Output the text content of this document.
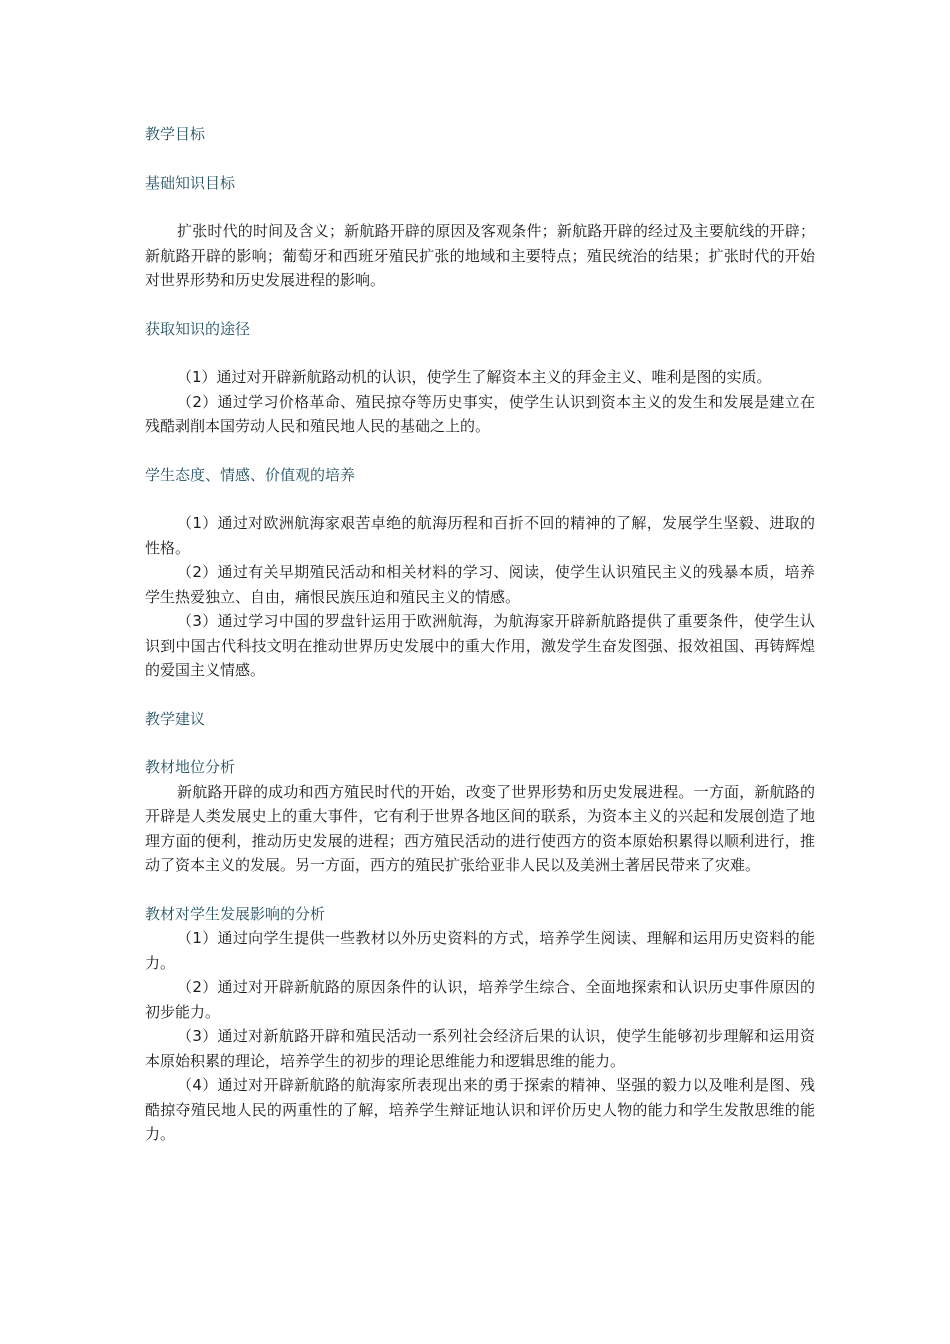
教学目标

基础知识目标

扩张时代的时间及含义；新航路开辟的原因及客观条件；新航路开辟的经过及主要航线的开辟；新航路开辟的影响；葡萄牙和西班牙殖民扩张的地域和主要特点；殖民统治的结果；扩张时代的开始对世界形势和历史发展进程的影响。

获取知识的途径

（1）通过对开辟新航路动机的认识，使学生了解资本主义的拜金主义、唯利是图的实质。

（2）通过学习价格革命、殖民掠夺等历史事实，使学生认识到资本主义的发生和发展是建立在残酷剥削本国劳动人民和殖民地人民的基础之上的。

学生态度、情感、价值观的培养

（1）通过对欧洲航海家艰苦卓绝的航海历程和百折不回的精神的了解，发展学生坚毅、进取的性格。

（2）通过有关早期殖民活动和相关材料的学习、阅读，使学生认识殖民主义的残暴本质，培养学生热爱独立、自由，痛恨民族压迫和殖民主义的情感。

（3）通过学习中国的罗盘针运用于欧洲航海，为航海家开辟新航路提供了重要条件，使学生认识到中国古代科技文明在推动世界历史发展中的重大作用，激发学生奋发图强、报效祖国、再铸辉煌的爱国主义情感。

教学建议

教材地位分析

新航路开辟的成功和西方殖民时代的开始，改变了世界形势和历史发展进程。一方面，新航路的开辟是人类发展史上的重大事件，它有利于世界各地区间的联系，为资本主义的兴起和发展创造了地理方面的便利，推动历史发展的进程；西方殖民活动的进行使西方的资本原始积累得以顺利进行，推动了资本主义的发展。另一方面，西方的殖民扩张给亚非人民以及美洲土著居民带来了灾难。

教材对学生发展影响的分析

（1）通过向学生提供一些教材以外历史资料的方式，培养学生阅读、理解和运用历史资料的能力。

（2）通过对开辟新航路的原因条件的认识，培养学生综合、全面地探索和认识历史事件原因的初步能力。

（3）通过对新航路开辟和殖民活动一系列社会经济后果的认识，使学生能够初步理解和运用资本原始积累的理论，培养学生的初步的理论思维能力和逻辑思维的能力。

（4）通过对开辟新航路的航海家所表现出来的勇于探索的精神、坚强的毅力以及唯利是图、残酷掠夺殖民地人民的两重性的了解，培养学生辩证地认识和评价历史人物的能力和学生发散思维的能力。
